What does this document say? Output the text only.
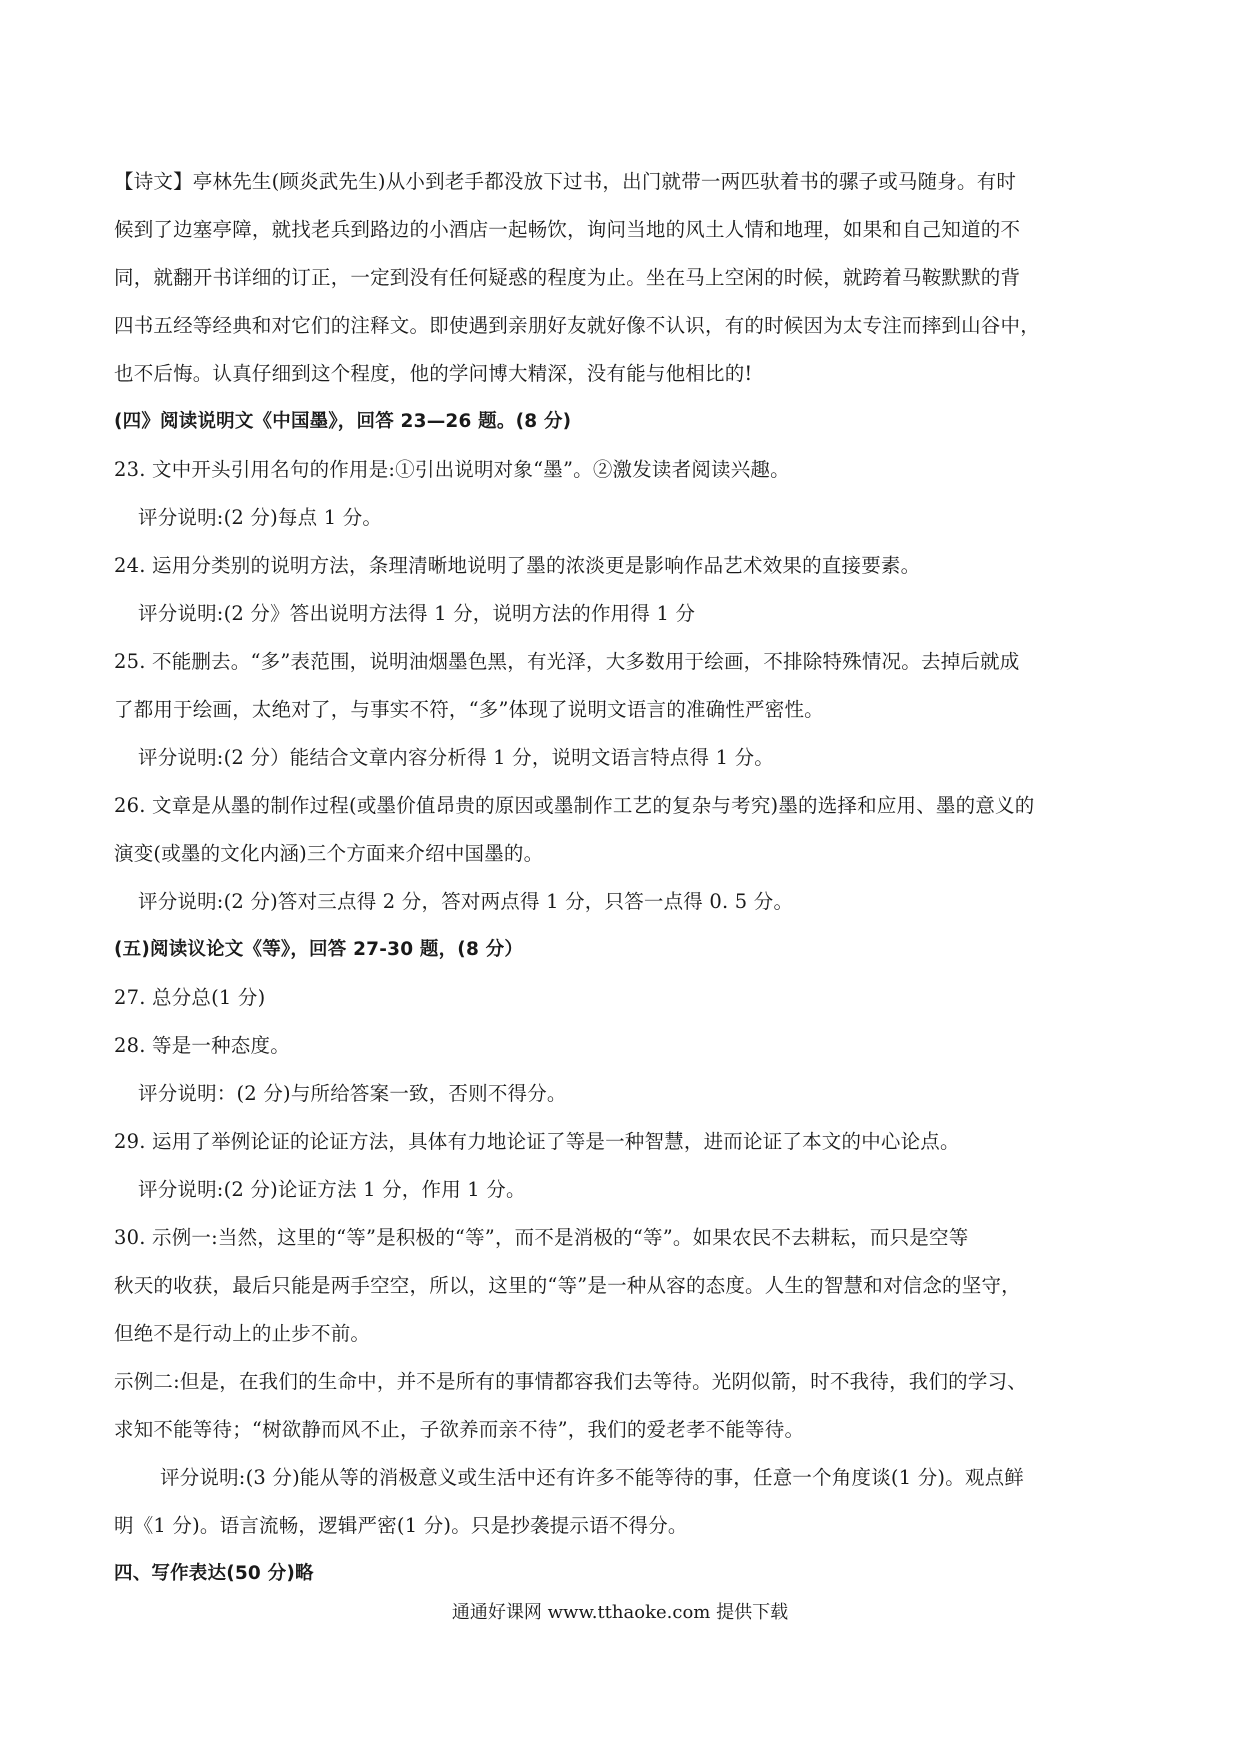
【诗文】亭林先生(顾炎武先生)从小到老手都没放下过书，出门就带一两匹驮着书的骡子或马随身。有时
候到了边塞亭障，就找老兵到路边的小酒店一起畅饮，询问当地的风土人情和地理，如果和自己知道的不
同，就翻开书详细的订正，一定到没有任何疑惑的程度为止。坐在马上空闲的时候，就跨着马鞍默默的背
四书五经等经典和对它们的注释文。即使遇到亲朋好友就好像不认识，有的时候因为太专注而摔到山谷中，
也不后悔。认真仔细到这个程度，他的学问博大精深，没有能与他相比的!
(四》阅读说明文《中国墨》，回答 23—26 题。(8 分)
23. 文中开头引用名句的作用是:①引出说明对象“墨”。②激发读者阅读兴趣。
评分说明:(2 分)每点 1 分。
24. 运用分类别的说明方法，条理清晰地说明了墨的浓淡更是影响作品艺术效果的直接要素。
评分说明:(2 分》答出说明方法得 1 分，说明方法的作用得 1 分
25. 不能删去。“多”表范围，说明油烟墨色黑，有光泽，大多数用于绘画，不排除特殊情况。去掉后就成
了都用于绘画，太绝对了，与事实不符，“多”体现了说明文语言的准确性严密性。
评分说明:(2 分）能结合文章内容分析得 1 分，说明文语言特点得 1 分。
26. 文章是从墨的制作过程(或墨价值昂贵的原因或墨制作工艺的复杂与考究)墨的选择和应用、墨的意义的
演变(或墨的文化内涵)三个方面来介绍中国墨的。
评分说明:(2 分)答对三点得 2 分，答对两点得 1 分，只答一点得 0. 5 分。
(五)阅读议论文《等》，回答 27-30 题，(8 分）
27. 总分总(1 分)
28. 等是一种态度。
评分说明：(2 分)与所给答案一致，否则不得分。
29. 运用了举例论证的论证方法，具体有力地论证了等是一种智慧，进而论证了本文的中心论点。
评分说明:(2 分)论证方法 1 分，作用 1 分。
30. 示例一:当然，这里的“等”是积极的“等”，而不是消极的“等”。如果农民不去耕耘，而只是空等
秋天的收获，最后只能是两手空空，所以，这里的“等”是一种从容的态度。人生的智慧和对信念的坚守，
但绝不是行动上的止步不前。
示例二:但是，在我们的生命中，并不是所有的事情都容我们去等待。光阴似箭，时不我待，我们的学习、
求知不能等待；“树欲静而风不止，子欲养而亲不待”，我们的爱老孝不能等待。
评分说明:(3 分)能从等的消极意义或生活中还有许多不能等待的事，任意一个角度谈(1 分)。观点鲜
明《1 分)。语言流畅，逻辑严密(1 分)。只是抄袭提示语不得分。
四、写作表达(50 分)略
通通好课网 www.tthaoke.com 提供下载
